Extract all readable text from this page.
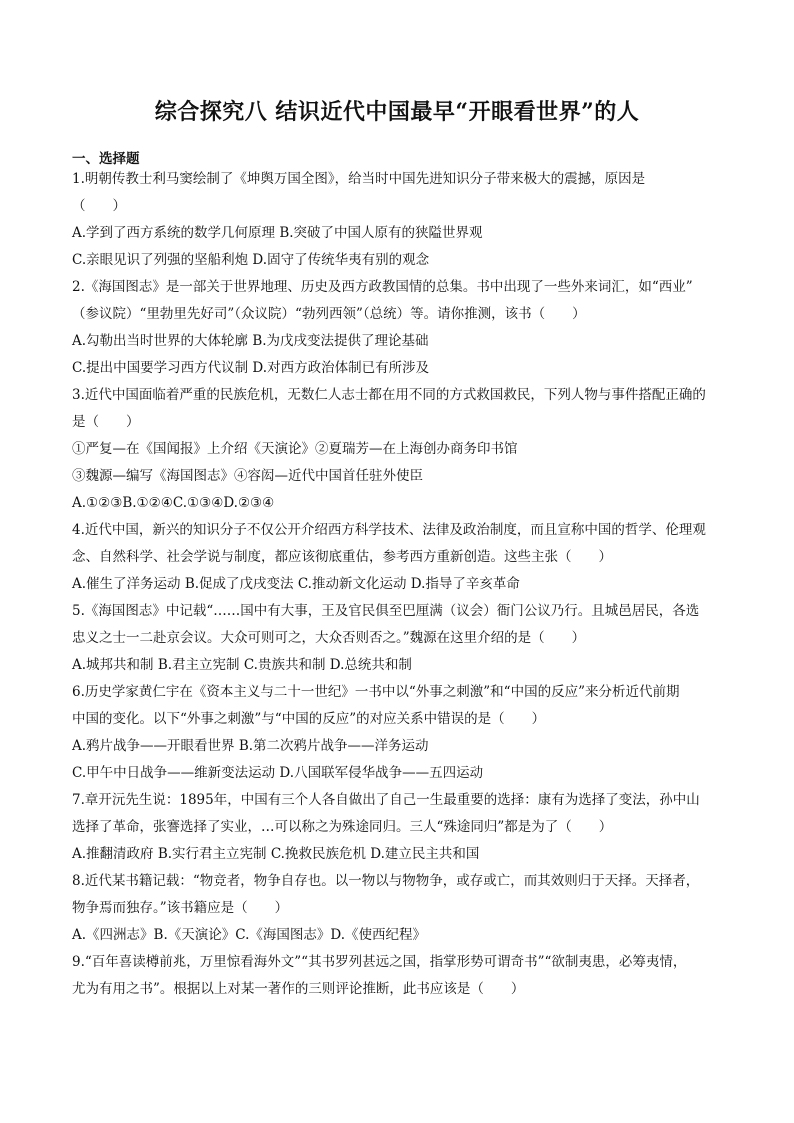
综合探究八 结识近代中国最早“开眼看世界”的人
一、选择题
1.明朝传教士利马窦绘制了《坤舆万国全图》，给当时中国先进知识分子带来极大的震撼，原因是
（　　）
A.学到了西方系统的数学几何原理 B.突破了中国人原有的狭隘世界观
C.亲眼见识了列强的坚船利炮 D.固守了传统华夷有别的观念
2.《海国图志》是一部关于世界地理、历史及西方政教国情的总集。书中出现了一些外来词汇，如“西业”
（参议院）“里勃里先好司”（众议院）“勃列西领”（总统）等。请你推测，该书（　　）
A.勾勒出当时世界的大体轮廓 B.为戊戌变法提供了理论基础
C.提出中国要学习西方代议制 D.对西方政治体制已有所涉及
3.近代中国面临着严重的民族危机，无数仁人志士都在用不同的方式救国救民，下列人物与事件搭配正确的
是（　　）
①严复—在《国闻报》上介绍《天演论》②夏瑞芳—在上海创办商务印书馆
③魏源—编写《海国图志》④容闳—近代中国首任驻外使臣
A.①②③B.①②④C.①③④D.②③④
4.近代中国，新兴的知识分子不仅公开介绍西方科学技术、法律及政治制度，而且宣称中国的哲学、伦理观
念、自然科学、社会学说与制度，都应该彻底重估，参考西方重新创造。这些主张（　　）
A.催生了洋务运动 B.促成了戊戌变法 C.推动新文化运动 D.指导了辛亥革命
5.《海国图志》中记载“……国中有大事，王及官民俱至巴厘满（议会）衙门公议乃行。且城邑居民，各选
忠义之士一二赴京会议。大众可则可之，大众否则否之。”魏源在这里介绍的是（　　）
A.城邦共和制 B.君主立宪制 C.贵族共和制 D.总统共和制
6.历史学家黄仁宇在《资本主义与二十一世纪》一书中以“外事之刺激”和“中国的反应”来分析近代前期
中国的变化。以下“外事之刺激”与“中国的反应”的对应关系中错误的是（　　）
A.鸦片战争——开眼看世界 B.第二次鸦片战争——洋务运动
C.甲午中日战争——维新变法运动 D.八国联军侵华战争——五四运动
7.章开沅先生说：1895年，中国有三个人各自做出了自己一生最重要的选择：康有为选择了变法，孙中山
选择了革命，张謇选择了实业，…可以称之为殊途同归。三人“殊途同归”都是为了（　　）
A.推翻清政府 B.实行君主立宪制 C.挽救民族危机 D.建立民主共和国
8.近代某书籍记载：“物竞者，物争自存也。以一物以与物物争，或存或亡，而其效则归于天择。天择者，
物争焉而独存。”该书籍应是（　　）
A.《四洲志》B.《天演论》C.《海国图志》D.《使西纪程》
9.“百年喜读樽前兆，万里惊看海外文”“其书罗列甚远之国，指掌形势可谓奇书”“欲制夷患，必筹夷情，
尤为有用之书”。根据以上对某一著作的三则评论推断，此书应该是（　　）
